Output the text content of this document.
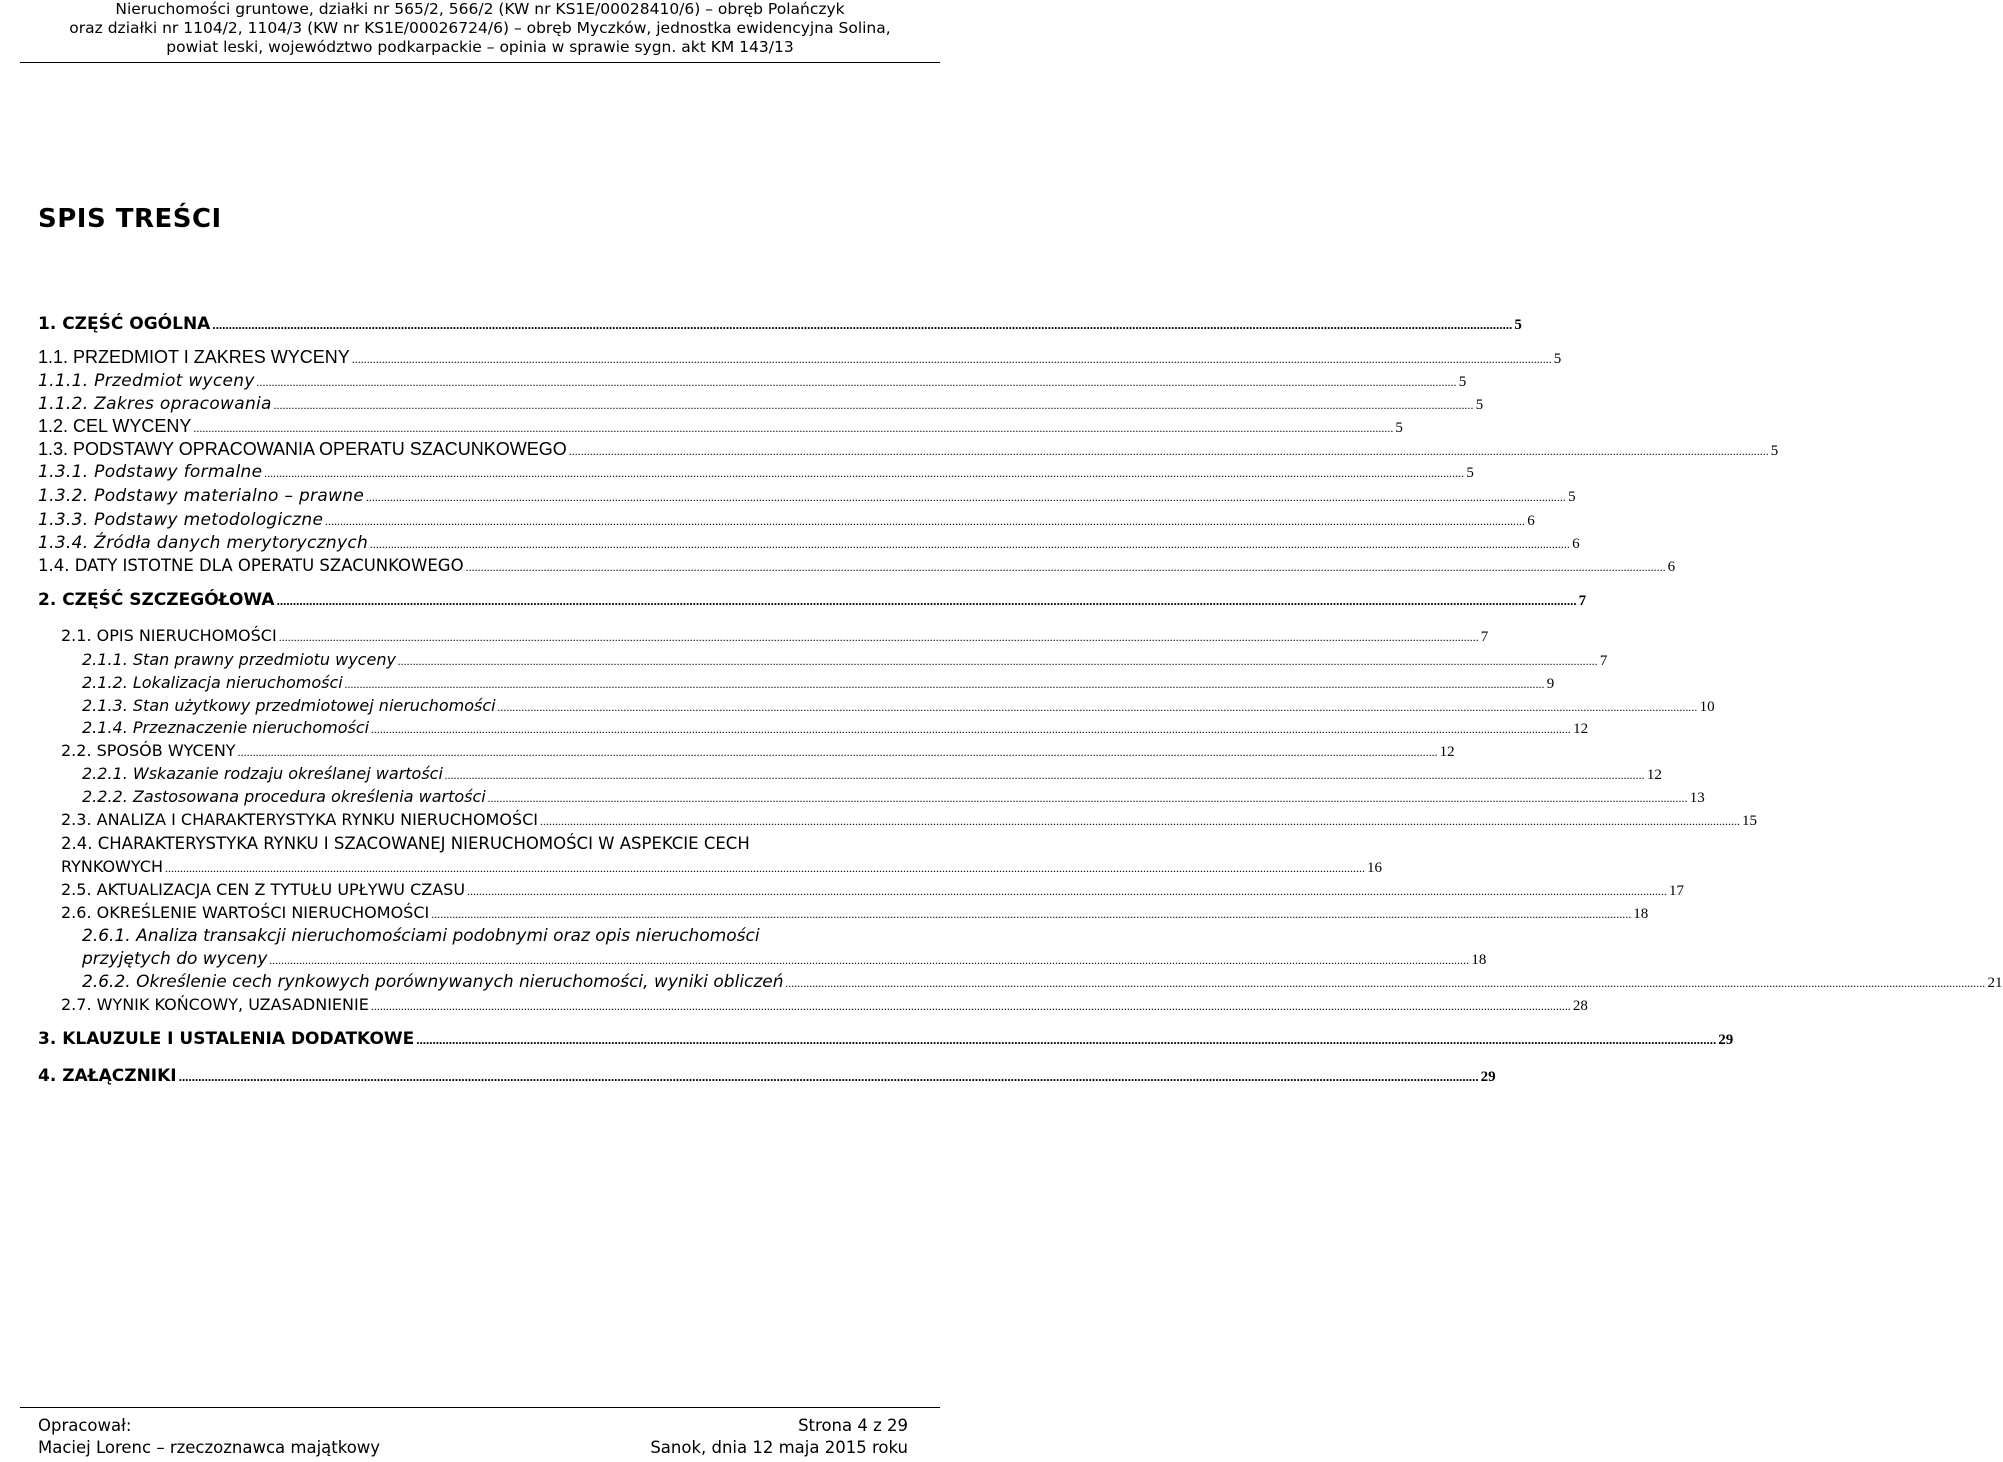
Nieruchomości gruntowe, działki nr 565/2, 566/2 (KW nr KS1E/00028410/6) – obręb Polańczyk
oraz działki nr 1104/2, 1104/3 (KW nr KS1E/00026724/6) – obręb Myczków, jednostka ewidencyjna Solina,
powiat leski, województwo podkarpackie – opinia w sprawie sygn. akt KM 143/13
SPIS TREŚCI
1. CZĘŚĆ OGÓLNA ................................................................................................................................................................................................................................................................................................................................................................................................................ 5
1.1. PRZEDMIOT I ZAKRES WYCENY ................................................................................................................................................................................................................................................................................................................................................................................................................ 5
1.1.1. Przedmiot wyceny ................................................................................................................................................................................................................................................................................................................................................................................................................ 5
1.1.2. Zakres opracowania ................................................................................................................................................................................................................................................................................................................................................................................................................ 5
1.2. CEL WYCENY ................................................................................................................................................................................................................................................................................................................................................................................................................ 5
1.3. PODSTAWY OPRACOWANIA OPERATU SZACUNKOWEGO ................................................................................................................................................................................................................................................................................................................................................................................................................ 5
1.3.1. Podstawy formalne ................................................................................................................................................................................................................................................................................................................................................................................................................ 5
1.3.2. Podstawy materialno – prawne ................................................................................................................................................................................................................................................................................................................................................................................................................ 5
1.3.3. Podstawy metodologiczne ................................................................................................................................................................................................................................................................................................................................................................................................................ 6
1.3.4. Źródła danych merytorycznych ................................................................................................................................................................................................................................................................................................................................................................................................................ 6
1.4. DATY ISTOTNE DLA OPERATU SZACUNKOWEGO ................................................................................................................................................................................................................................................................................................................................................................................................................ 6
2. CZĘŚĆ SZCZEGÓŁOWA ................................................................................................................................................................................................................................................................................................................................................................................................................ 7
2.1. OPIS NIERUCHOMOŚCI ................................................................................................................................................................................................................................................................................................................................................................................................................ 7
2.1.1. Stan prawny przedmiotu wyceny ................................................................................................................................................................................................................................................................................................................................................................................................................ 7
2.1.2. Lokalizacja nieruchomości ................................................................................................................................................................................................................................................................................................................................................................................................................ 9
2.1.3. Stan użytkowy przedmiotowej nieruchomości ................................................................................................................................................................................................................................................................................................................................................................................................................ 10
2.1.4. Przeznaczenie nieruchomości ................................................................................................................................................................................................................................................................................................................................................................................................................ 12
2.2. SPOSÓB WYCENY ................................................................................................................................................................................................................................................................................................................................................................................................................ 12
2.2.1. Wskazanie rodzaju określanej wartości ................................................................................................................................................................................................................................................................................................................................................................................................................ 12
2.2.2. Zastosowana procedura określenia wartości ................................................................................................................................................................................................................................................................................................................................................................................................................ 13
2.3. ANALIZA I CHARAKTERYSTYKA RYNKU NIERUCHOMOŚCI ................................................................................................................................................................................................................................................................................................................................................................................................................ 15
2.4. CHARAKTERYSTYKA RYNKU I SZACOWANEJ NIERUCHOMOŚCI W ASPEKCIE CECH
RYNKOWYCH ................................................................................................................................................................................................................................................................................................................................................................................................................ 16
2.5. AKTUALIZACJA CEN Z TYTUŁU UPŁYWU CZASU ................................................................................................................................................................................................................................................................................................................................................................................................................ 17
2.6. OKREŚLENIE WARTOŚCI NIERUCHOMOŚCI ................................................................................................................................................................................................................................................................................................................................................................................................................ 18
2.6.1. Analiza transakcji nieruchomościami podobnymi oraz opis nieruchomości
przyjętych do wyceny ................................................................................................................................................................................................................................................................................................................................................................................................................ 18
2.6.2. Określenie cech rynkowych porównywanych nieruchomości, wyniki obliczeń ................................................................................................................................................................................................................................................................................................................................................................................................................ 21
2.7. WYNIK KOŃCOWY, UZASADNIENIE ................................................................................................................................................................................................................................................................................................................................................................................................................ 28
3. KLAUZULE I USTALENIA DODATKOWE ................................................................................................................................................................................................................................................................................................................................................................................................................ 29
4. ZAŁĄCZNIKI ................................................................................................................................................................................................................................................................................................................................................................................................................ 29
Opracował:
Maciej Lorenc – rzeczoznawca majątkowy
Strona 4 z 29
Sanok, dnia 12 maja 2015 roku
